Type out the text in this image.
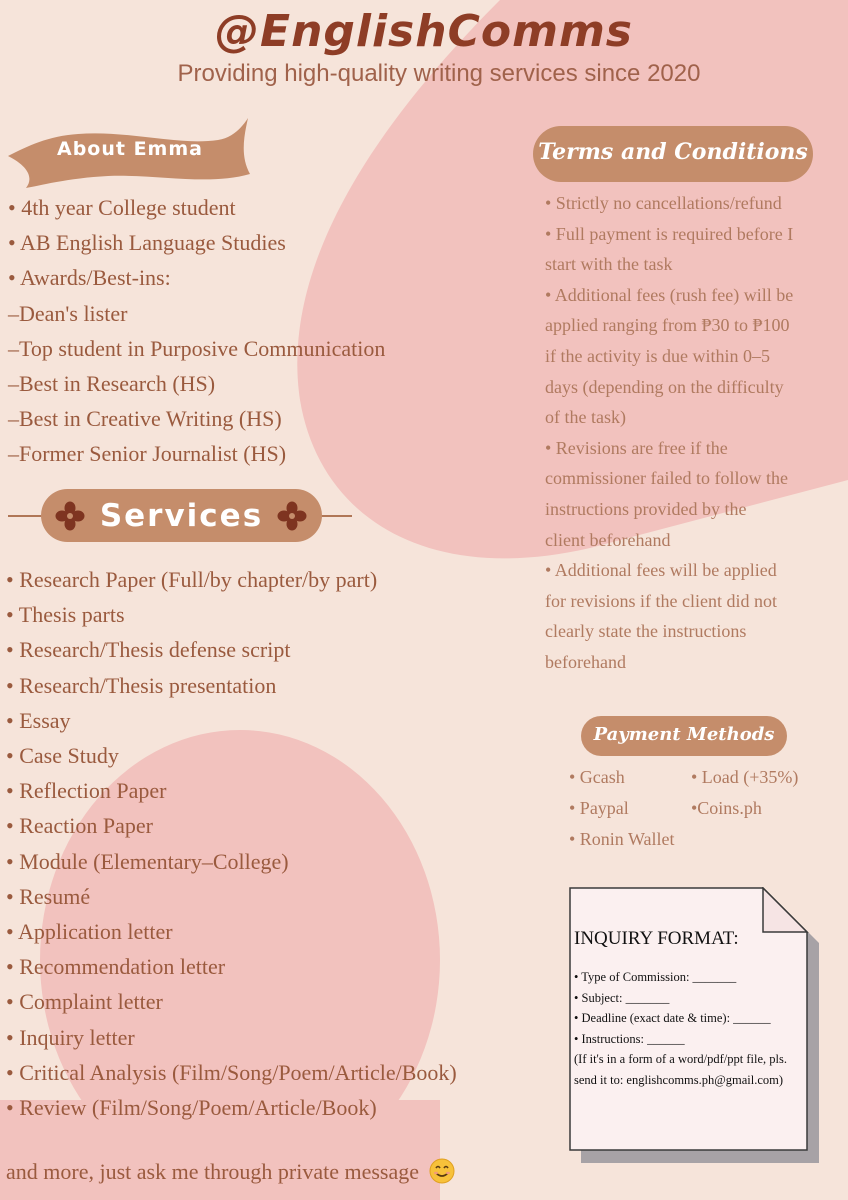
@EnglishComms
Providing high-quality writing services since 2020
About Emma
• 4th year College student
• AB English Language Studies
• Awards/Best-ins:
–Dean's lister
–Top student in Purposive Communication
–Best in Research (HS)
–Best in Creative Writing (HS)
–Former Senior Journalist (HS)
Services
• Research Paper (Full/by chapter/by part)
• Thesis parts
• Research/Thesis defense script
• Research/Thesis presentation
• Essay
• Case Study
• Reflection Paper
• Reaction Paper
• Module (Elementary–College)
• Resumé
• Application letter
• Recommendation letter
• Complaint letter
• Inquiry letter
• Critical Analysis (Film/Song/Poem/Article/Book)
• Review (Film/Song/Poem/Article/Book)
and more, just ask me through private message
Terms and Conditions
• Strictly no cancellations/refund
• Full payment is required before I
start with the task
• Additional fees (rush fee) will be
applied ranging from ₱30 to ₱100
if the activity is due within 0–5
days (depending on the difficulty
of the task)
• Revisions are free if the
commissioner failed to follow the
instructions provided by the
client beforehand
• Additional fees will be applied
for revisions if the client did not
clearly state the instructions
beforehand
Payment Methods
• Gcash	• Load (+35%)
• Paypal	•Coins.ph
• Ronin Wallet
INQUIRY FORMAT:
• Type of Commission: _______
• Subject: _______
• Deadline (exact date & time): ______
• Instructions: ______
(If it's in a form of a word/pdf/ppt file, pls.
send it to: englishcomms.ph@gmail.com)
